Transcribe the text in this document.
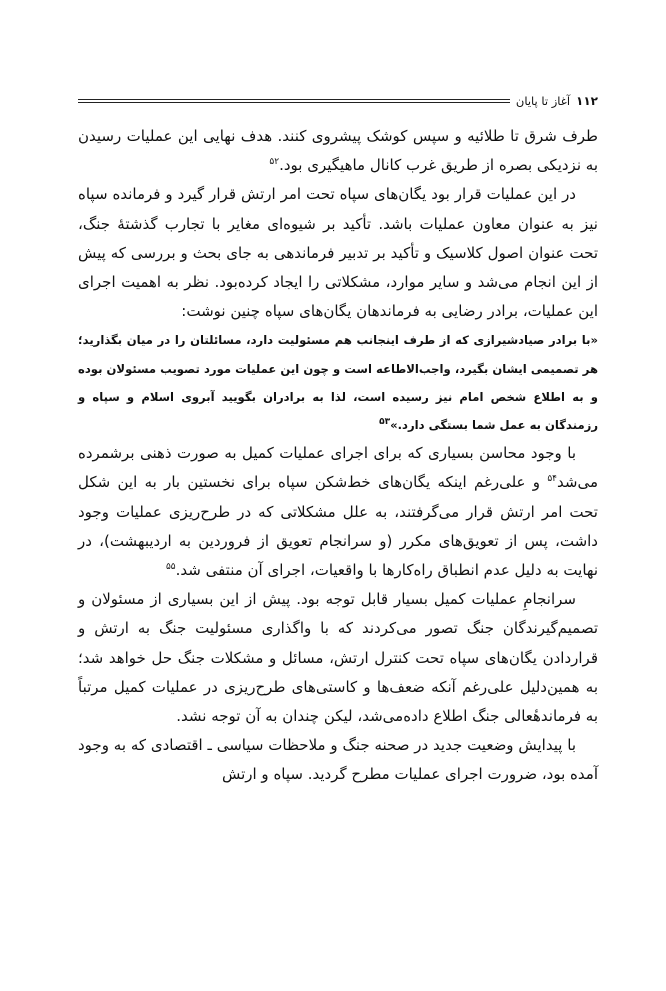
۱۱۲
آغاز تا پایان

طرف شرق تا طلائیه و سپس کوشک پیشروی کنند. هدف نهایی این عملیات رسیدن به نزدیکی بصره از طریق غرب کانال ماهیگیری بود.$^{۵۲}$

در این عملیات قرار بود یگان‌های سپاه تحت امر ارتش قرار گیرد و فرمانده سپاه نیز به عنوان معاون عملیات باشد. تأکید بر شیوه‌ای مغایر با تجارب گذشتهٔ جنگ، تحت عنوان اصول کلاسیک و تأکید بر تدبیر فرماندهی به جای بحث و بررسی که پیش از این انجام می‌شد و سایر موارد، مشکلاتی را ایجاد کرده‌بود. نظر به اهمیت اجرای این عملیات، برادر رضایی به فرماندهان یگان‌های سپاه چنین نوشت:

«با برادر صیادشیرازی که از طرف اینجانب هم مسئولیت دارد، مسائلتان را در میان بگذارید؛ هر تصمیمی ایشان بگیرد، واجب‌الاطاعه است و چون این عملیات مورد تصویب مسئولان بوده و به اطلاع شخص امام نیز رسیده است، لذا به برادران بگویید آبروی اسلام و سپاه و رزمندگان به عمل شما بستگی دارد.»$^{۵۳}$

با وجود محاسن بسیاری که برای اجرای عملیات کمیل به صورت ذهنی برشمرده می‌شد$^{۵۴}$ و علی‌رغم اینکه یگان‌های خط‌شکن سپاه برای نخستین بار به این شکل تحت امر ارتش قرار می‌گرفتند، به علل مشکلاتی که در طرح‌ریزی عملیات وجود داشت، پس از تعویق‌های مکرر (و سرانجام تعویق از فروردین به اردیبهشت)، در نهایت به دلیل عدم انطباق راه‌کارها با واقعیات، اجرای آن منتفی شد.$^{۵۵}$

سرانجامِ عملیات کمیل بسیار قابل توجه بود. پیش از این بسیاری از مسئولان و تصمیم‌گیرندگان جنگ تصور می‌کردند که با واگذاری مسئولیت جنگ به ارتش و قراردادن یگان‌های سپاه تحت کنترل ارتش، مسائل و مشکلات جنگ حل خواهد شد؛ به همین‌دلیل علی‌رغم آنکه ضعف‌ها و کاستی‌های طرح‌ریزی در عملیات کمیل مرتباً به فرماندهٔعالی جنگ اطلاع داده‌می‌شد، لیکن چندان به آن توجه نشد.

با پیدایش وضعیت جدید در صحنه جنگ و ملاحظات سیاسی ـ اقتصادی که به وجود آمده بود، ضرورت اجرای عملیات مطرح گردید. سپاه و ارتش
